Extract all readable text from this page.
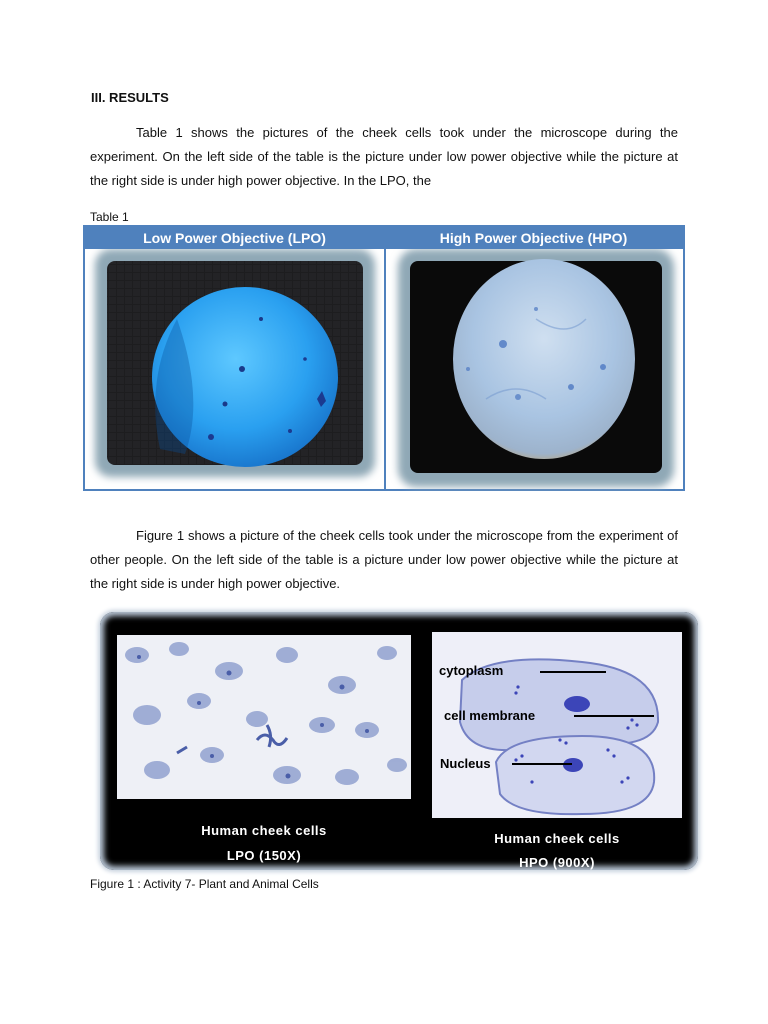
III. RESULTS
Table 1 shows the pictures of the cheek cells took under the microscope during the experiment. On the left side of the table is the picture under low power objective while the picture at the right side is under high power objective. In the LPO, the
Table 1
Low Power Objective (LPO)	High Power Objective (HPO)
Figure 1 shows a picture of the cheek cells took under the microscope from the experiment of other people. On the left side of the table is a picture under low power objective while the picture at the right side is under high power objective.
Human cheek cells
LPO (150X)
cytoplasm
cell membrane
Nucleus
Human cheek cells
HPO (900X)
Figure 1 : Activity 7- Plant and Animal Cells
